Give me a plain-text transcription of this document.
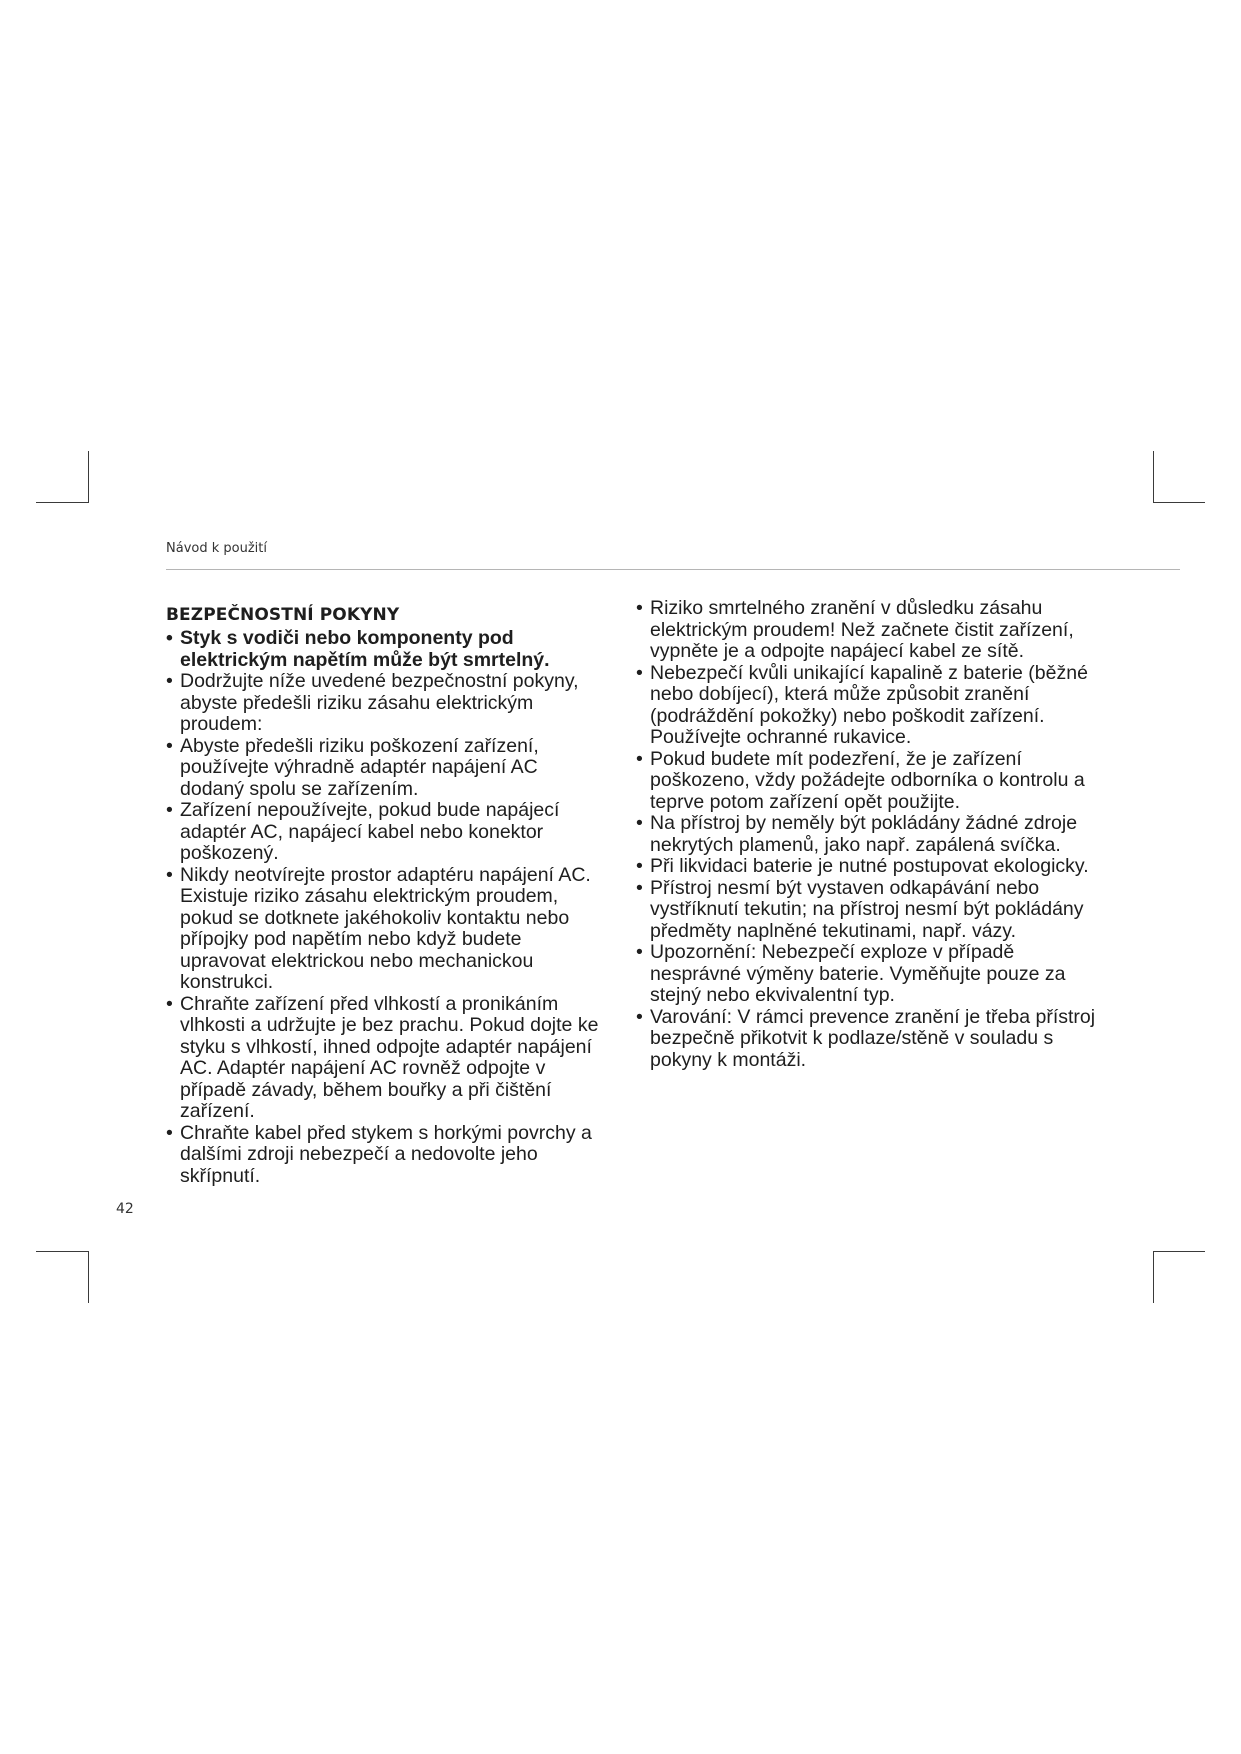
Návod k použití
BEZPEČNOSTNÍ POKYNY
• Styk s vodiči nebo komponenty pod elektrickým napětím může být smrtelný.
• Dodržujte níže uvedené bezpečnostní pokyny, abyste předešli riziku zásahu elektrickým proudem:
• Abyste předešli riziku poškození zařízení, používejte výhradně adaptér napájení AC dodaný spolu se zařízením.
• Zařízení nepoužívejte, pokud bude napájecí adaptér AC, napájecí kabel nebo konektor poškozený.
• Nikdy neotvírejte prostor adaptéru napájení AC. Existuje riziko zásahu elektrickým proudem, pokud se dotknete jakéhokoliv kontaktu nebo přípojky pod napětím nebo když budete upravovat elektrickou nebo mechanickou konstrukci.
• Chraňte zařízení před vlhkostí a pronikáním vlhkosti a udržujte je bez prachu. Pokud dojte ke styku s vlhkostí, ihned odpojte adaptér napájení AC. Adaptér napájení AC rovněž odpojte v případě závady, během bouřky a při čištění zařízení.
• Chraňte kabel před stykem s horkými povrchy a dalšími zdroji nebezpečí a nedovolte jeho skřípnutí.
• Riziko smrtelného zranění v důsledku zásahu elektrickým proudem! Než začnete čistit zařízení, vypněte je a odpojte napájecí kabel ze sítě.
• Nebezpečí kvůli unikající kapalině z baterie (běžné nebo dobíjecí), která může způsobit zranění (podráždění pokožky) nebo poškodit zařízení. Používejte ochranné rukavice.
• Pokud budete mít podezření, že je zařízení poškozeno, vždy požádejte odborníka o kontrolu a teprve potom zařízení opět použijte.
• Na přístroj by neměly být pokládány žádné zdroje nekrytých plamenů, jako např. zapálená svíčka.
• Při likvidaci baterie je nutné postupovat ekologicky.
• Přístroj nesmí být vystaven odkapávání nebo vystříknutí tekutin; na přístroj nesmí být pokládány předměty naplněné tekutinami, např. vázy.
• Upozornění: Nebezpečí exploze v případě nesprávné výměny baterie. Vyměňujte pouze za stejný nebo ekvivalentní typ.
• Varování: V rámci prevence zranění je třeba přístroj bezpečně přikotvit k podlaze/stěně v souladu s pokyny k montáži.
42
